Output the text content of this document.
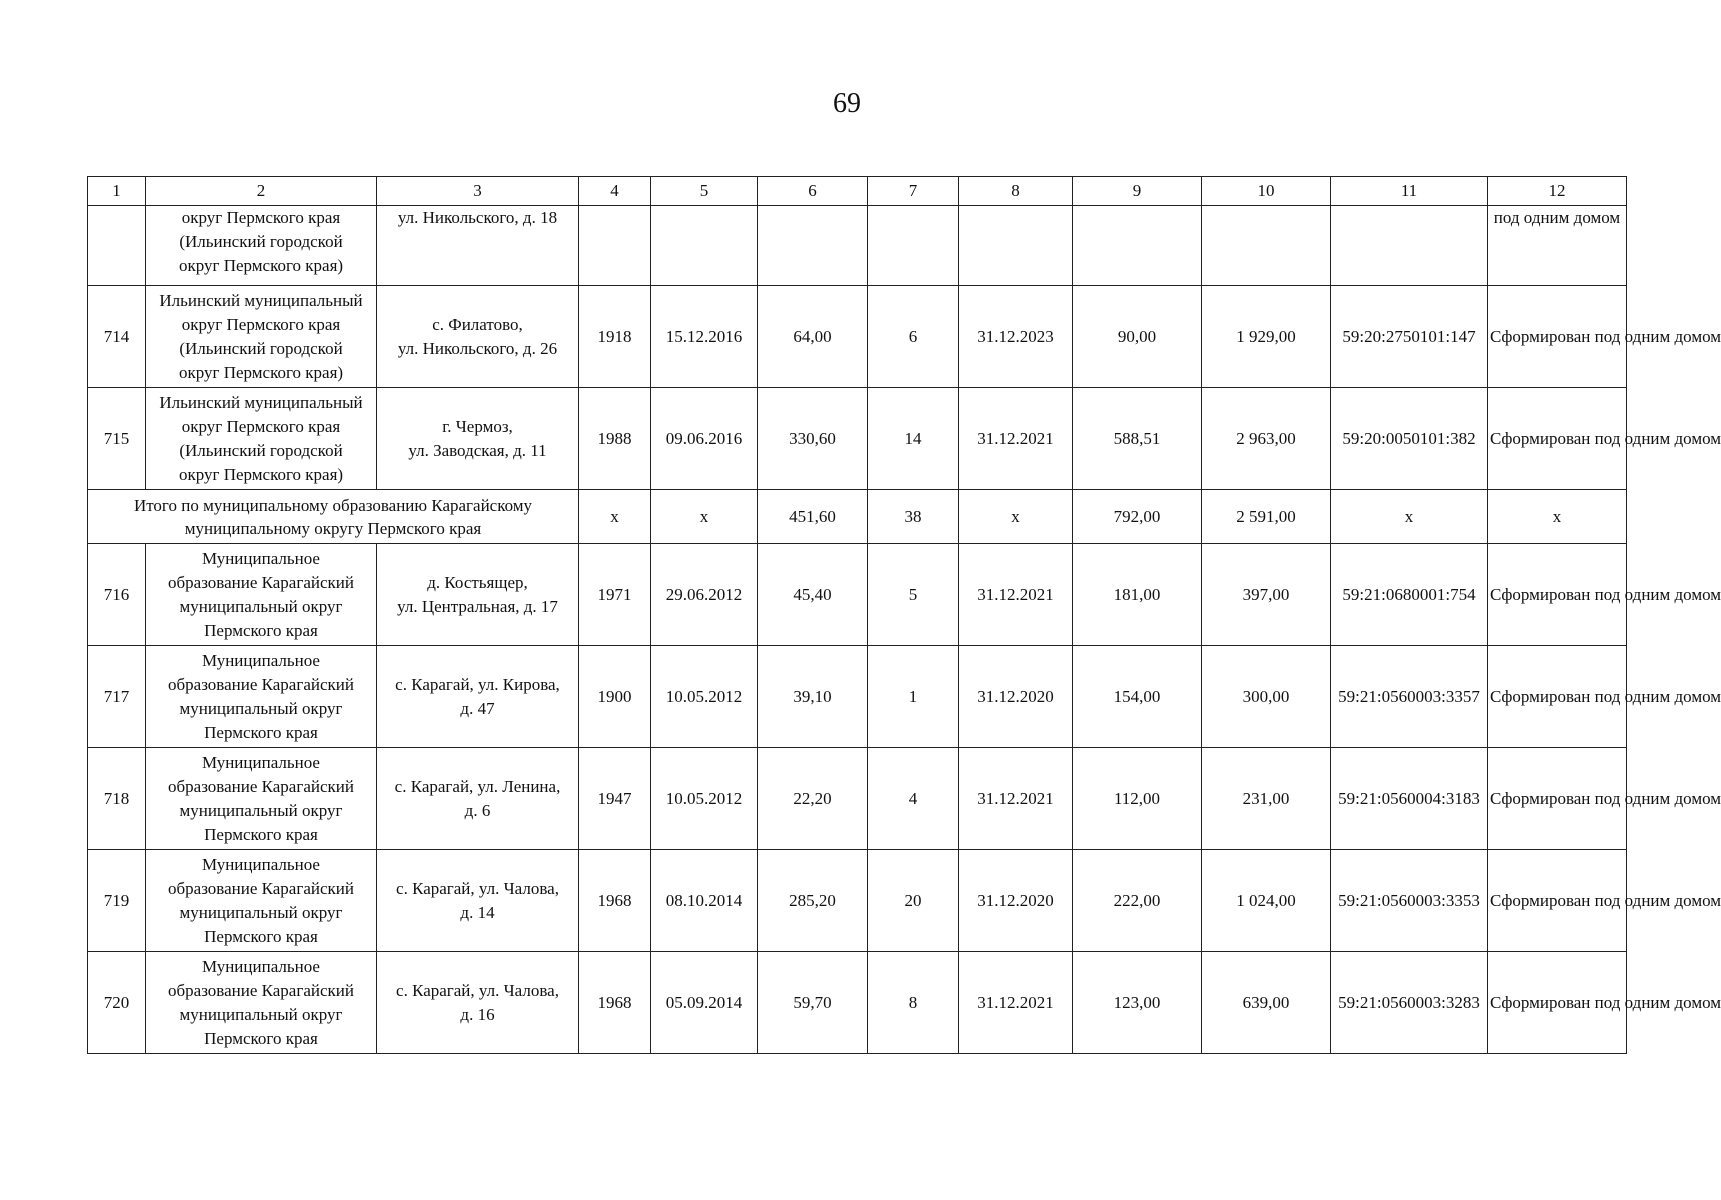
69
1	2	3	4	5	6	7	8	9	10	11	12
	округ Пермского края
(Ильинский городской
округ Пермского края)	ул. Никольского, д. 18									под одним домом
714	Ильинский муниципальный
округ Пермского края
(Ильинский городской
округ Пермского края)	с. Филатово,
ул. Никольского, д. 26	1918	15.12.2016	64,00	6	31.12.2023	90,00	1 929,00	59:20:2750101:147	Сформирован под одним домом
715	Ильинский муниципальный
округ Пермского края
(Ильинский городской
округ Пермского края)	г. Чермоз,
ул. Заводская, д. 11	1988	09.06.2016	330,60	14	31.12.2021	588,51	2 963,00	59:20:0050101:382	Сформирован под одним домом
Итого по муниципальному образованию Карагайскому муниципальному округу Пермского края			х	х	451,60	38	х	792,00	2 591,00	х	х
716	Муниципальное
образование Карагайский
муниципальный округ
Пермского края	д. Костьящер,
ул. Центральная, д. 17	1971	29.06.2012	45,40	5	31.12.2021	181,00	397,00	59:21:0680001:754	Сформирован под одним домом
717	Муниципальное
образование Карагайский
муниципальный округ
Пермского края	с. Карагай, ул. Кирова,
д. 47	1900	10.05.2012	39,10	1	31.12.2020	154,00	300,00	59:21:0560003:3357	Сформирован под одним домом
718	Муниципальное
образование Карагайский
муниципальный округ
Пермского края	с. Карагай, ул. Ленина,
д. 6	1947	10.05.2012	22,20	4	31.12.2021	112,00	231,00	59:21:0560004:3183	Сформирован под одним домом
719	Муниципальное
образование Карагайский
муниципальный округ
Пермского края	с. Карагай, ул. Чалова,
д. 14	1968	08.10.2014	285,20	20	31.12.2020	222,00	1 024,00	59:21:0560003:3353	Сформирован под одним домом
720	Муниципальное
образование Карагайский
муниципальный округ
Пермского края	с. Карагай, ул. Чалова,
д. 16	1968	05.09.2014	59,70	8	31.12.2021	123,00	639,00	59:21:0560003:3283	Сформирован под одним домом
